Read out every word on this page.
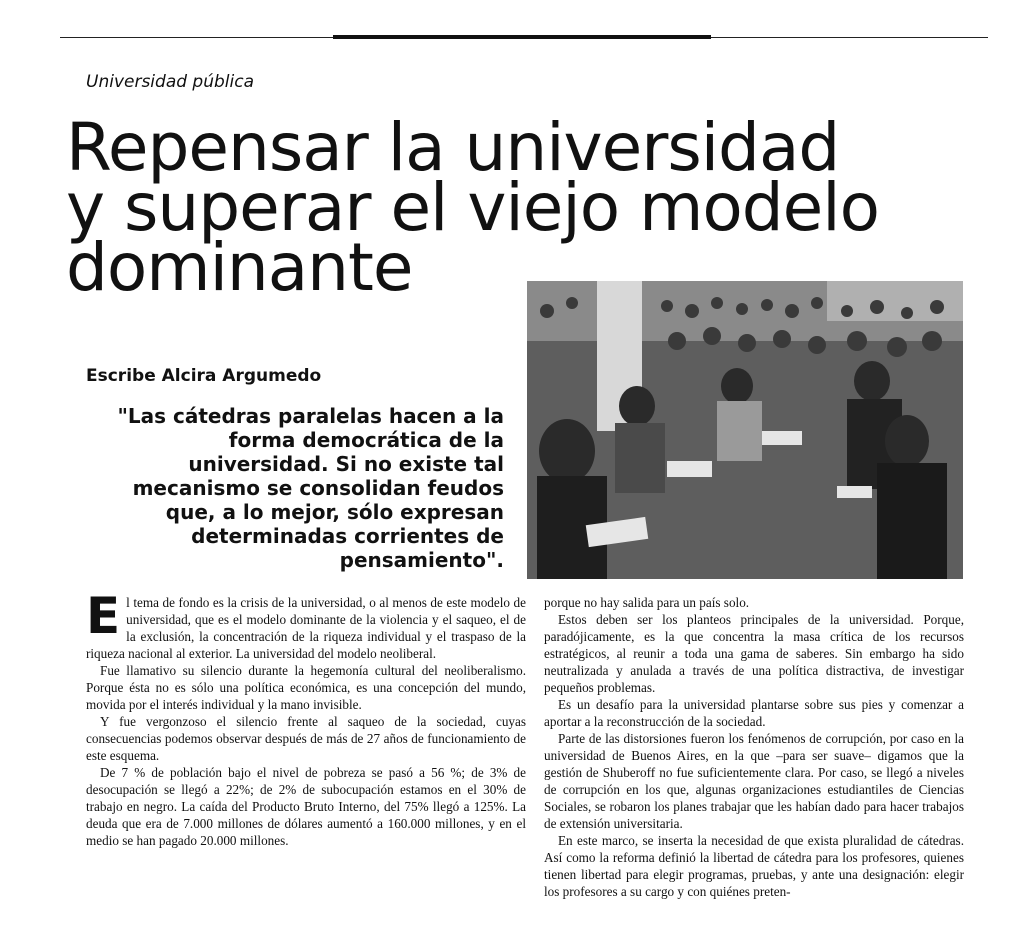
Universidad pública
Repensar la universidad
y superar el viejo modelo
dominante
Escribe Alcira Argumedo
"Las cátedras paralelas hacen a la forma democrática de la universidad. Si no existe tal mecanismo se consolidan feudos que, a lo mejor, sólo expresan determinadas corrientes de pensamiento".

El tema de fondo es la crisis de la universidad, o al menos de este modelo de universidad, que es el modelo dominante de la violencia y el saqueo, el de la exclusión, la concentración de la riqueza individual y el traspaso de la riqueza nacional al exterior. La universidad del modelo neoliberal.

Fue llamativo su silencio durante la hegemonía cultural del neoliberalismo. Porque ésta no es sólo una política económica, es una concepción del mundo, movida por el interés individual y la mano invisible.

Y fue vergonzoso el silencio frente al saqueo de la sociedad, cuyas consecuencias podemos observar después de más de 27 años de funcionamiento de este esquema.

De 7 % de población bajo el nivel de pobreza se pasó a 56 %; de 3% de desocupación se llegó a 22%; de 2% de subocupación estamos en el 30% de trabajo en negro. La caída del Producto Bruto Interno, del 75% llegó a 125%. La deuda que era de 7.000 millones de dólares aumentó a 160.000 millones, y en el medio se han pagado 20.000 millones.

porque no hay salida para un país solo.

Estos deben ser los planteos principales de la universidad. Porque, paradójicamente, es la que concentra la masa crítica de los recursos estratégicos, al reunir a toda una gama de saberes. Sin embargo ha sido neutralizada y anulada a través de una política distractiva, de investigar pequeños problemas.

Es un desafío para la universidad plantarse sobre sus pies y comenzar a aportar a la reconstrucción de la sociedad.

Parte de las distorsiones fueron los fenómenos de corrupción, por caso en la universidad de Buenos Aires, en la que –para ser suave– digamos que la gestión de Shuberoff no fue suficientemente clara. Por caso, se llegó a niveles de corrupción en los que, algunas organizaciones estudiantiles de Ciencias Sociales, se robaron los planes trabajar que les habían dado para hacer trabajos de extensión universitaria.

En este marco, se inserta la necesidad de que exista pluralidad de cátedras. Así como la reforma definió la libertad de cátedra para los profesores, quienes tienen libertad para elegir programas, pruebas, y ante una designación: elegir los profesores a su cargo y con quiénes preten-
